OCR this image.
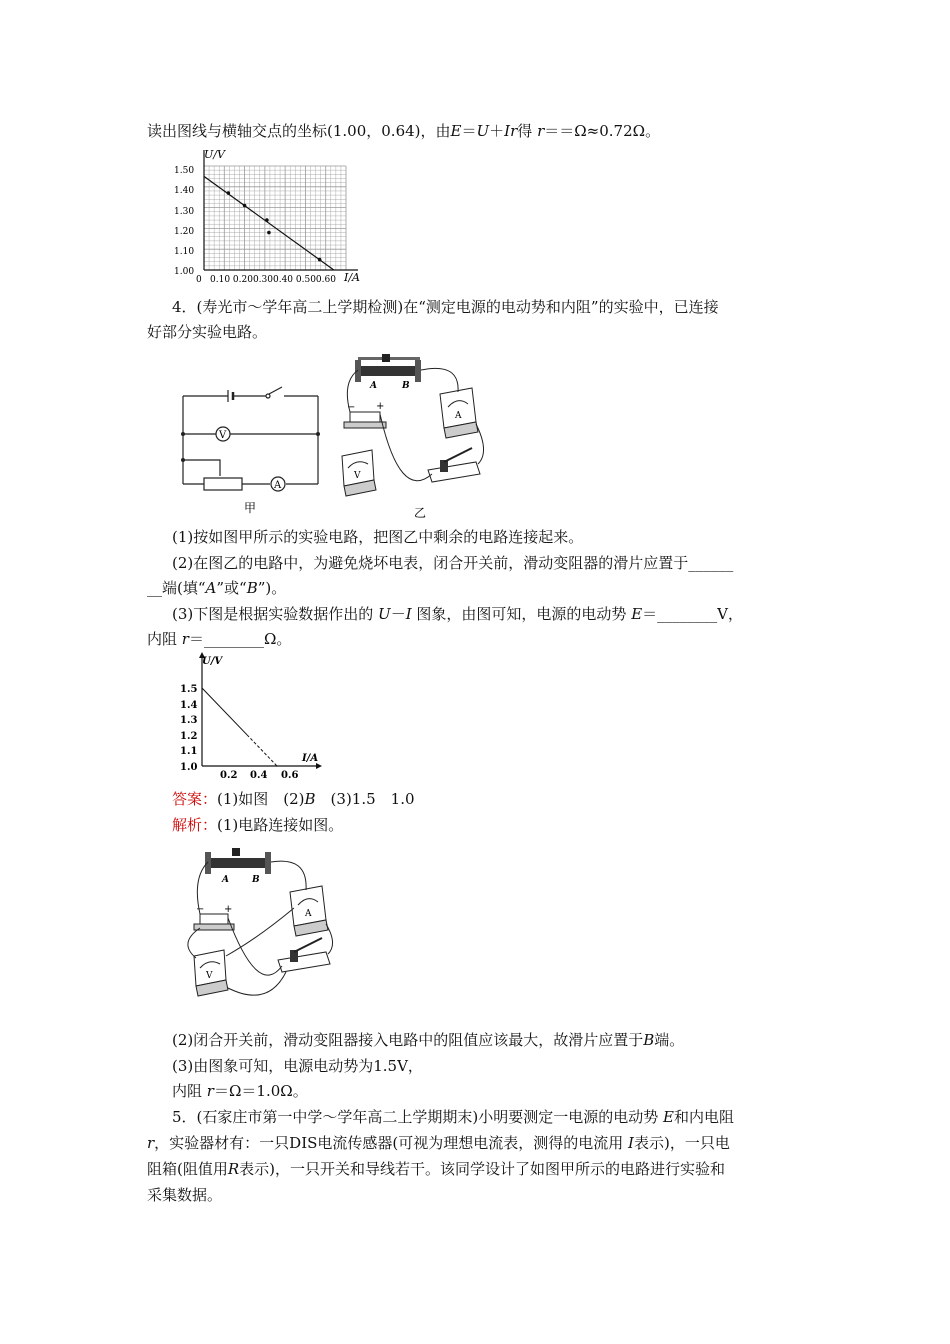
读出图线与横轴交点的坐标(1.00，0.64)，由E＝U＋Ir得 r＝＝Ω≈0.72Ω。
U/V
I/A
0 0.10 0.200.300.40 0.500.60
1.50
1.40
1.30
1.20
1.10
1.00
4．(寿光市～学年高二上学期检测)在“测定电源的电动势和内阻”的实验中，已连接
好部分实验电路。
V
A
甲
A	B
− +
A
V
乙
(1)按如图甲所示的实验电路，把图乙中剩余的电路连接起来。
(2)在图乙的电路中，为避免烧坏电表，闭合开关前，滑动变阻器的滑片应置于______
__端(填“A”或“B”)。
(3)下图是根据实验数据作出的 U－I 图象，由图可知，电源的电动势 E＝________V，
内阻 r＝________Ω。
U/V
I/A
1.5
1.4
1.3
1.2
1.1
1.0
0.2 0.4 0.6
答案：(1)如图　(2)B　(3)1.5　1.0
解析：(1)电路连接如图。
A	B
− +	A
V
(2)闭合开关前，滑动变阻器接入电路中的阻值应该最大，故滑片应置于B端。
(3)由图象可知，电源电动势为1.5V，
内阻 r＝Ω＝1.0Ω。
5．(石家庄市第一中学～学年高二上学期期末)小明要测定一电源的电动势 E和内电阻
r，实验器材有：一只DIS电流传感器(可视为理想电流表，测得的电流用 I表示)，一只电
阻箱(阻值用R表示)，一只开关和导线若干。该同学设计了如图甲所示的电路进行实验和
采集数据。
